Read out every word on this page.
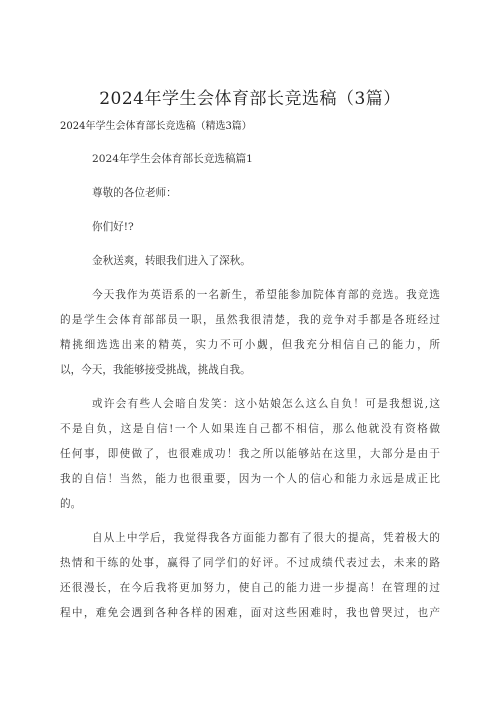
2024年学生会体育部长竞选稿（3篇）
2024年学生会体育部长竞选稿（精选3篇）
2024年学生会体育部长竞选稿篇1
尊敬的各位老师：
你们好!?
金秋送爽，转眼我们进入了深秋。
今天我作为英语系的一名新生，希望能参加院体育部的竞选。我竞选
的是学生会体育部部员一职，虽然我很清楚，我的竞争对手都是各班经过
精挑细选选出来的精英，实力不可小觑，但我充分相信自己的能力，所
以，今天，我能够接受挑战，挑战自我。
或许会有些人会暗自发笑：这小姑娘怎么这么自负！可是我想说,这
不是自负，这是自信!一个人如果连自己都不相信，那么他就没有资格做
任何事，即使做了，也很难成功！我之所以能够站在这里，大部分是由于
我的自信！当然，能力也很重要，因为一个人的信心和能力永远是成正比
的。
自从上中学后，我觉得我各方面能力都有了很大的提高，凭着极大的
热情和干练的处事，赢得了同学们的好评。不过成绩代表过去，未来的路
还很漫长，在今后我将更加努力，使自己的能力进一步提高！在管理的过
程中，难免会遇到各种各样的困难，面对这些困难时，我也曾哭过，也产
